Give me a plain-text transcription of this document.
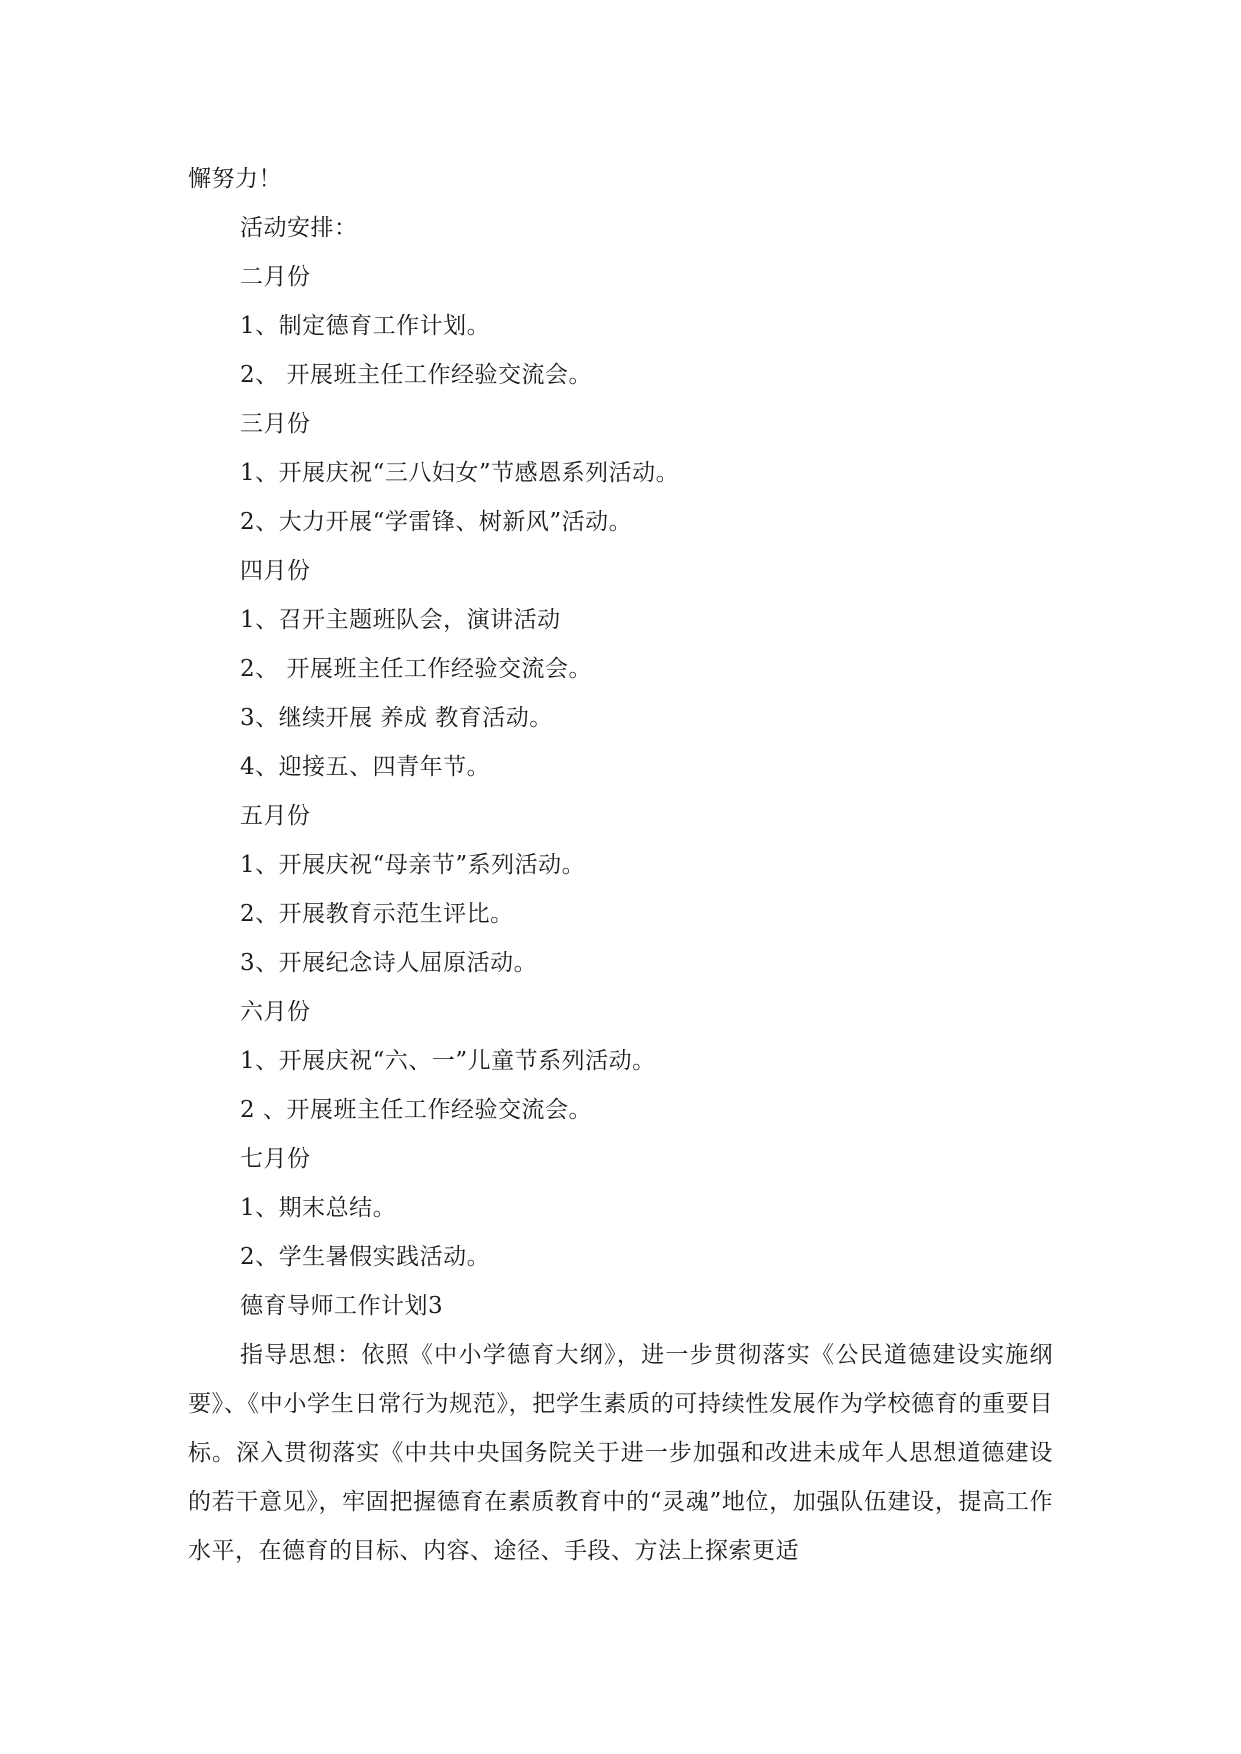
懈努力！
活动安排：
二月份
1、制定德育工作计划。
2、 开展班主任工作经验交流会。
三月份
1、开展庆祝“三八妇女”节感恩系列活动。
2、大力开展“学雷锋、树新风”活动。
四月份
1、召开主题班队会，演讲活动
2、 开展班主任工作经验交流会。
3、继续开展 养成 教育活动。
4、迎接五、四青年节。
五月份
1、开展庆祝“母亲节”系列活动。
2、开展教育示范生评比。
3、开展纪念诗人屈原活动。
六月份
1、开展庆祝“六、一”儿童节系列活动。
2 、开展班主任工作经验交流会。
七月份
1、期末总结。
2、学生暑假实践活动。
德育导师工作计划3

指导思想：依照《中小学德育大纲》，进一步贯彻落实《公民道德建设实施纲要》、《中小学生日常行为规范》，把学生素质的可持续性发展作为学校德育的重要目标。深入贯彻落实《中共中央国务院关于进一步加强和改进未成年人思想道德建设的若干意见》，牢固把握德育在素质教育中的“灵魂”地位，加强队伍建设，提高工作水平，在德育的目标、内容、途径、手段、方法上探索更适
